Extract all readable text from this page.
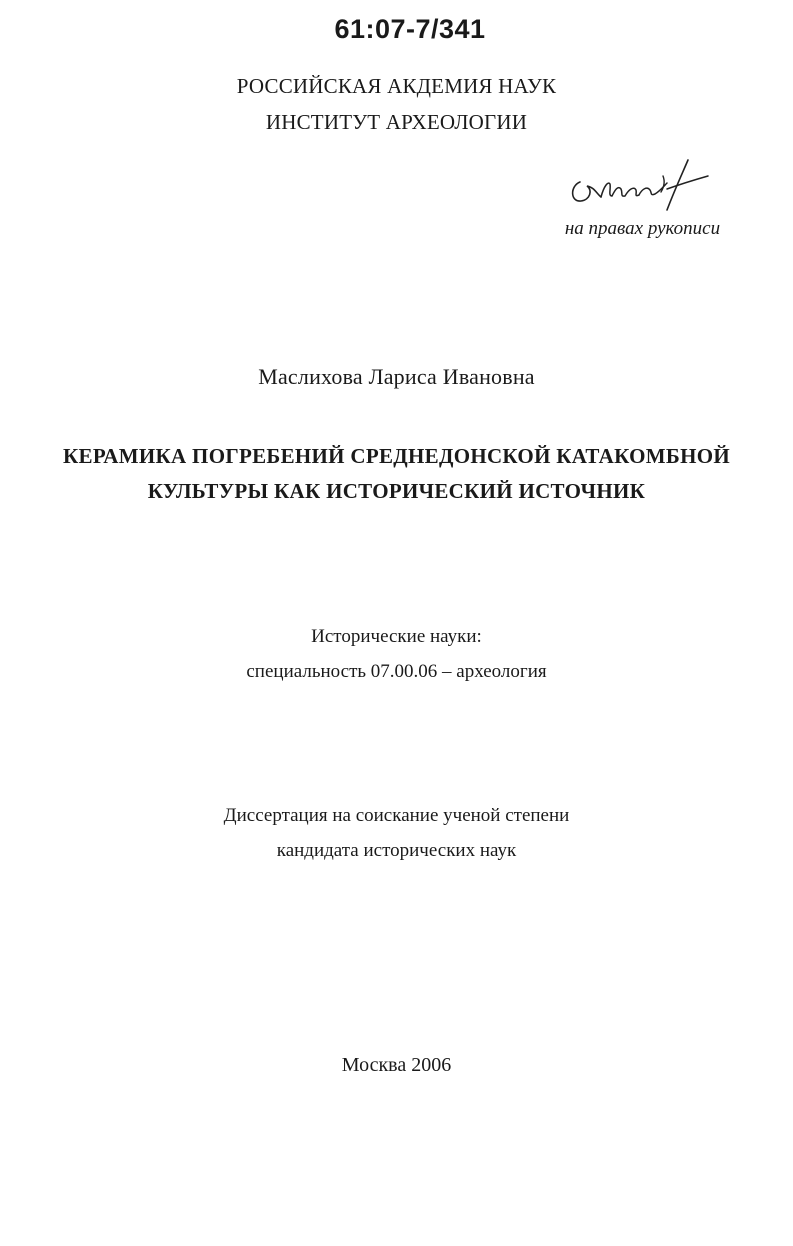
61:07-7/341
РОССИЙСКАЯ АКДЕМИЯ НАУК
ИНСТИТУТ АРХЕОЛОГИИ
на правах рукописи
Маслихова Лариса Ивановна
КЕРАМИКА ПОГРЕБЕНИЙ СРЕДНЕДОНСКОЙ КАТАКОМБНОЙ
КУЛЬТУРЫ КАК ИСТОРИЧЕСКИЙ ИСТОЧНИК
Исторические науки:
специальность 07.00.06 – археология
Диссертация на соискание ученой степени
кандидата исторических наук
Москва 2006
